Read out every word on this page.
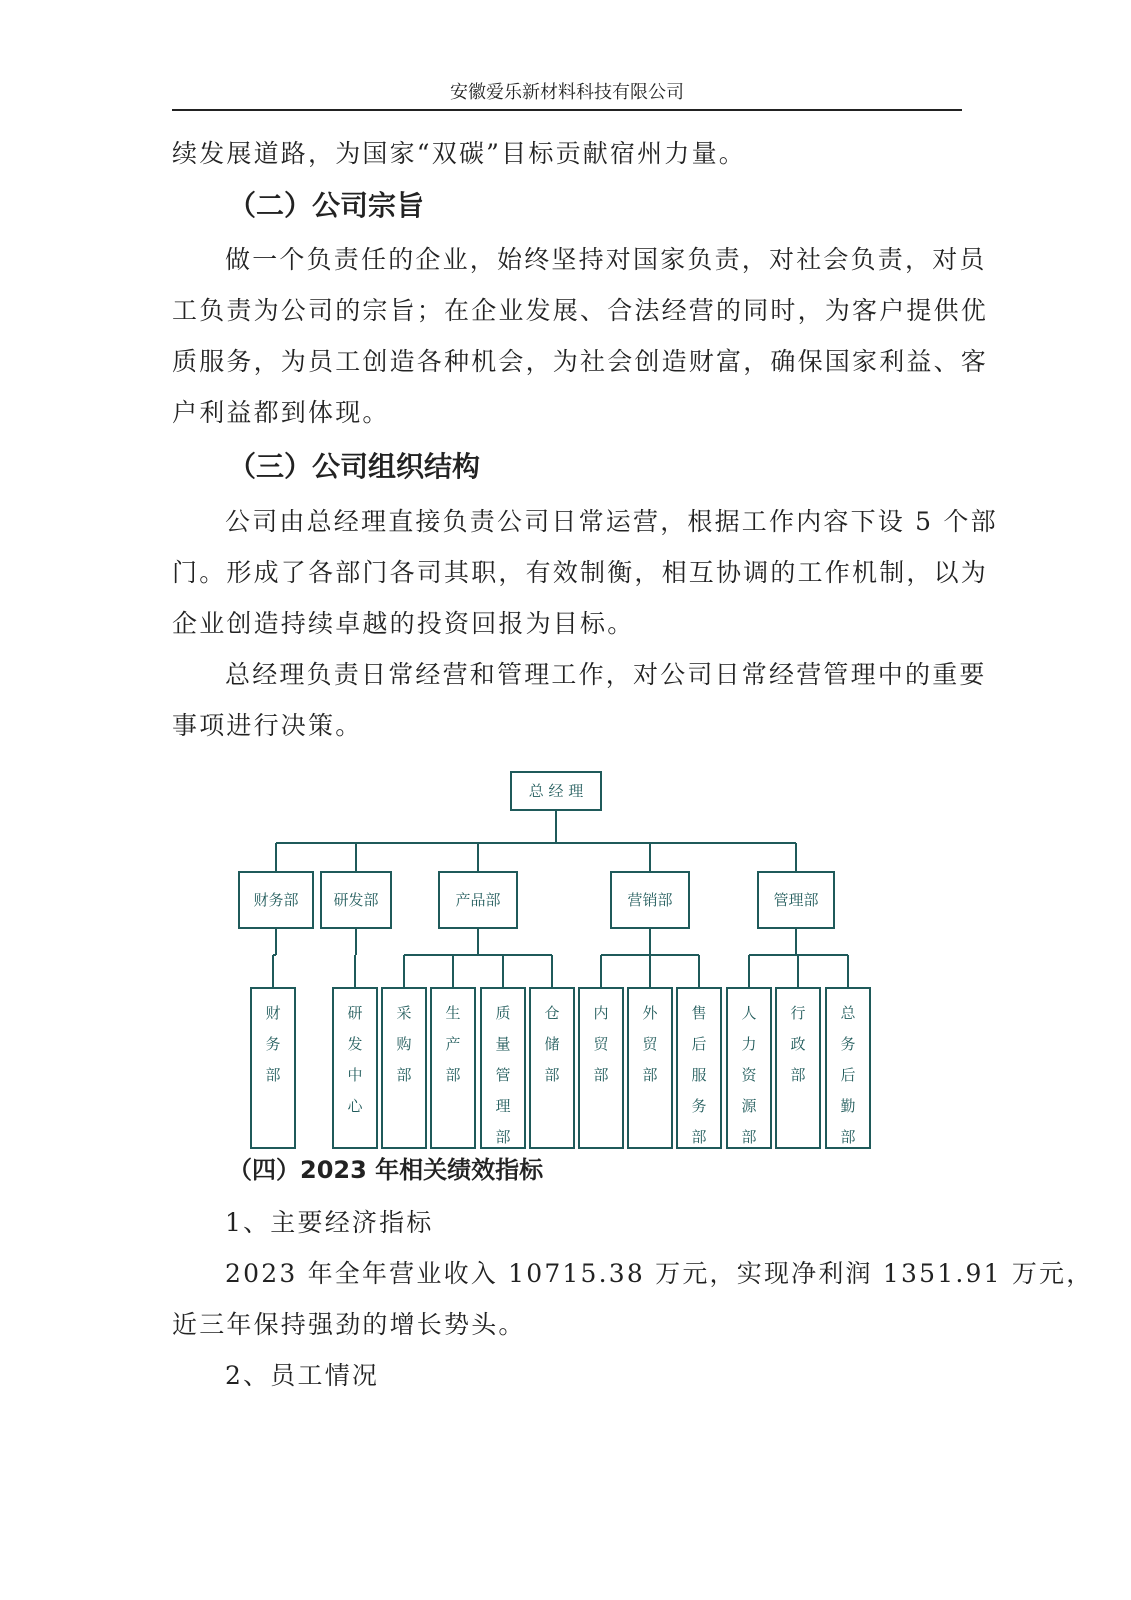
安徽爱乐新材料科技有限公司
续发展道路，为国家“双碳”目标贡献宿州力量。
（二）公司宗旨
做一个负责任的企业，始终坚持对国家负责，对社会负责，对员
工负责为公司的宗旨；在企业发展、合法经营的同时，为客户提供优
质服务，为员工创造各种机会，为社会创造财富，确保国家利益、客
户利益都到体现。
（三）公司组织结构
公司由总经理直接负责公司日常运营，根据工作内容下设 5 个部
门。形成了各部门各司其职，有效制衡，相互协调的工作机制，以为
企业创造持续卓越的投资回报为目标。
总经理负责日常经营和管理工作，对公司日常经营管理中的重要
事项进行决策。
总 经 理
财务部
财务部
研发部
研发中心
产品部
采购部
生产部
质量管理部
仓储部
营销部
内贸部
外贸部
售后服务部
管理部
人力资源部
行政部
总务后勤部
（四）2023 年相关绩效指标
1、主要经济指标
2023 年全年营业收入 10715.38 万元，实现净利润 1351.91 万元，
近三年保持强劲的增长势头。
2、员工情况
